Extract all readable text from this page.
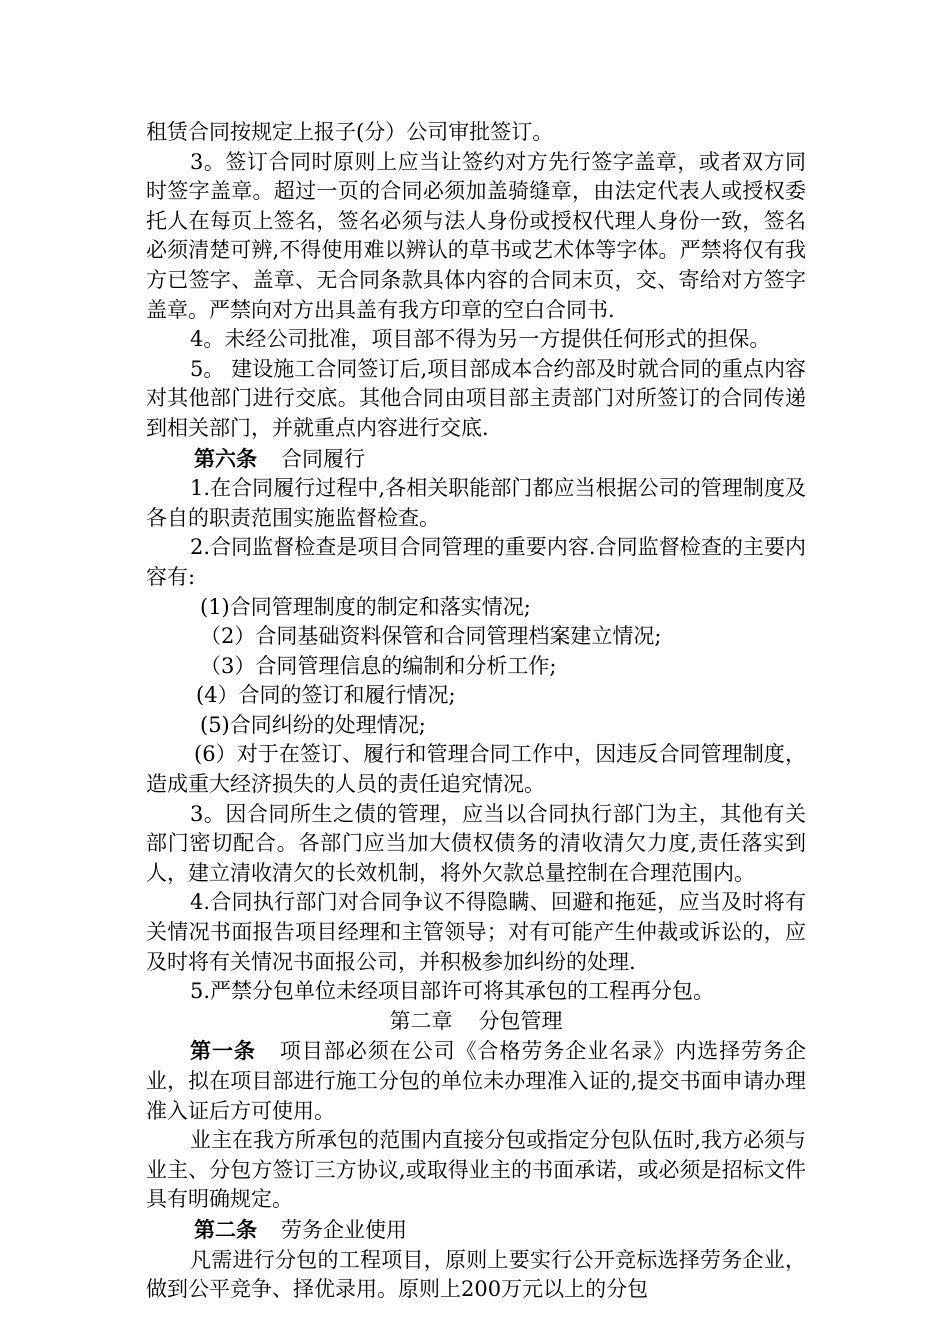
租赁合同按规定上报子(分）公司审批签订。

3。签订合同时原则上应当让签约对方先行签字盖章，或者双方同时签字盖章。超过一页的合同必须加盖骑缝章，由法定代表人或授权委托人在每页上签名，签名必须与法人身份或授权代理人身份一致，签名必须清楚可辨,不得使用难以辨认的草书或艺术体等字体。严禁将仅有我方已签字、盖章、无合同条款具体内容的合同末页，交、寄给对方签字盖章。严禁向对方出具盖有我方印章的空白合同书.

4。未经公司批准，项目部不得为另一方提供任何形式的担保。

5。 建设施工合同签订后,项目部成本合约部及时就合同的重点内容对其他部门进行交底。其他合同由项目部主责部门对所签订的合同传递到相关部门，并就重点内容进行交底.

第六条 合同履行

1.在合同履行过程中,各相关职能部门都应当根据公司的管理制度及各自的职责范围实施监督检查。

2.合同监督检查是项目合同管理的重要内容.合同监督检查的主要内容有:

(1)合同管理制度的制定和落实情况;

（2）合同基础资料保管和合同管理档案建立情况;

（3）合同管理信息的编制和分析工作;

(4）合同的签订和履行情况;

(5)合同纠纷的处理情况;

(6）对于在签订、履行和管理合同工作中，因违反合同管理制度，造成重大经济损失的人员的责任追究情况。

3。因合同所生之债的管理，应当以合同执行部门为主，其他有关部门密切配合。各部门应当加大债权债务的清收清欠力度,责任落实到人，建立清收清欠的长效机制，将外欠款总量控制在合理范围内。

4.合同执行部门对合同争议不得隐瞒、回避和拖延，应当及时将有关情况书面报告项目经理和主管领导；对有可能产生仲裁或诉讼的，应及时将有关情况书面报公司，并积极参加纠纷的处理.

5.严禁分包单位未经项目部许可将其承包的工程再分包。

第二章 分包管理

第一条 项目部必须在公司《合格劳务企业名录》内选择劳务企业，拟在项目部进行施工分包的单位未办理准入证的,提交书面申请办理准入证后方可使用。

业主在我方所承包的范围内直接分包或指定分包队伍时,我方必须与业主、分包方签订三方协议,或取得业主的书面承诺，或必须是招标文件具有明确规定。

第二条 劳务企业使用

凡需进行分包的工程项目，原则上要实行公开竞标选择劳务企业，做到公平竞争、择优录用。原则上200万元以上的分包
